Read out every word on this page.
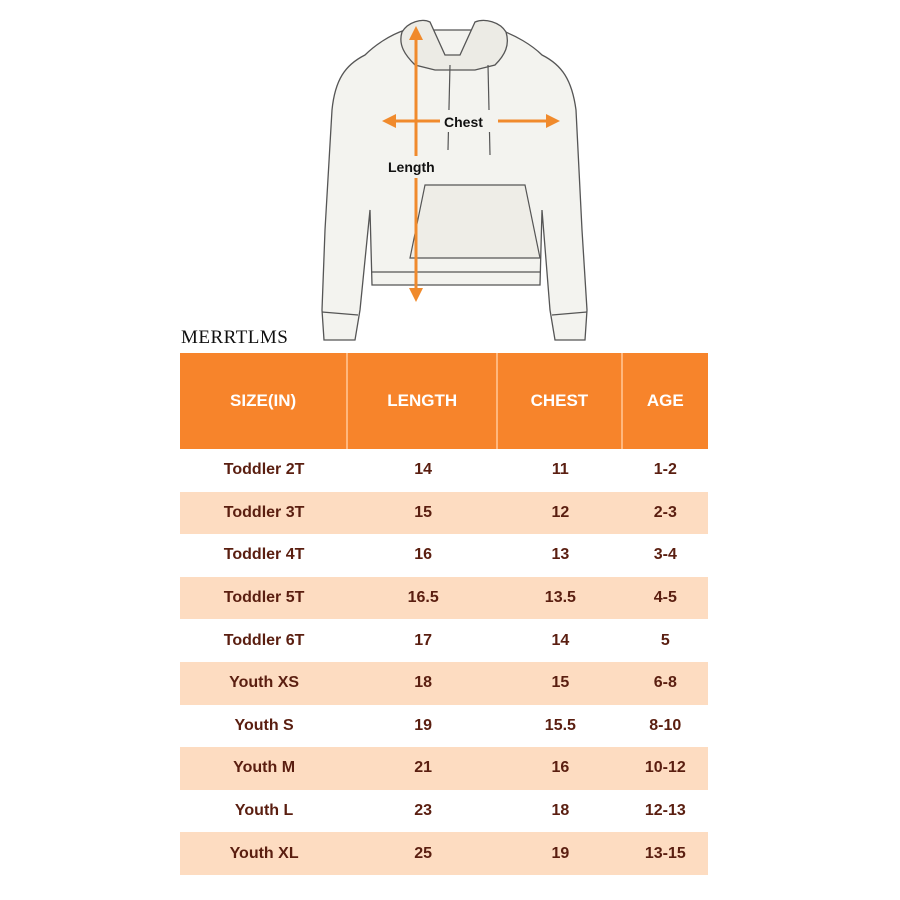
Chest
Length
MERRTLMS
SIZE(IN)	LENGTH	CHEST	AGE
Toddler 2T	14	11	1-2
Toddler 3T	15	12	2-3
Toddler 4T	16	13	3-4
Toddler 5T	16.5	13.5	4-5
Toddler 6T	17	14	5
Youth XS	18	15	6-8
Youth S	19	15.5	8-10
Youth M	21	16	10-12
Youth L	23	18	12-13
Youth XL	25	19	13-15
